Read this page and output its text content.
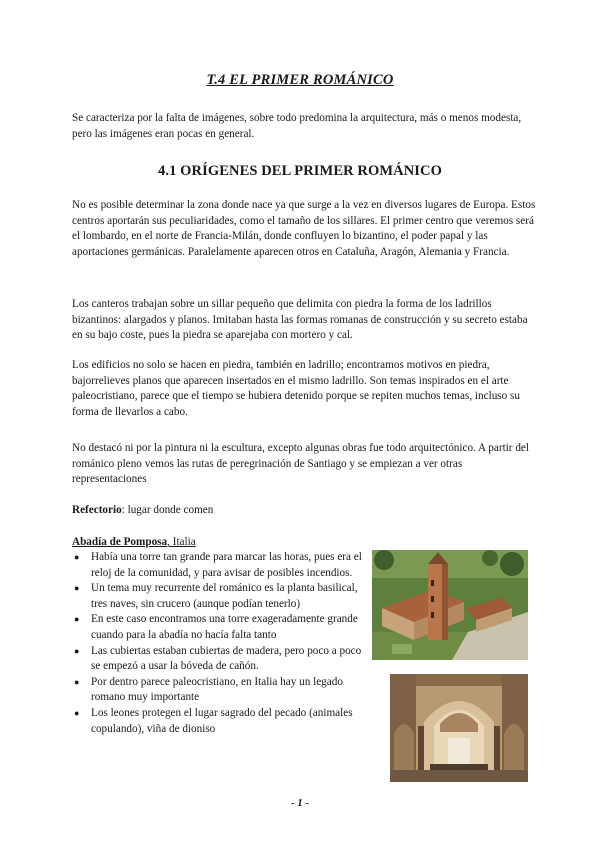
T.4 EL PRIMER ROMÁNICO

Se caracteriza por la falta de imágenes, sobre todo predomina la arquitectura, más o menos modesta, pero las imágenes eran pocas en general.

4.1 ORÍGENES DEL PRIMER ROMÁNICO

No es posible determinar la zona donde nace ya que surge a la vez en diversos lugares de Europa. Estos centros aportarán sus peculiaridades, como el tamaño de los sillares. El primer centro que veremos será el lombardo, en el norte de Francia-Milán, donde confluyen lo bizantino, el poder papal y las aportaciones germánicas. Paralelamente aparecen otros en Cataluña, Aragón, Alemania y Francia.

Los canteros trabajan sobre un sillar pequeño que delimita con piedra la forma de los ladrillos bizantinos: alargados y planos. Imitaban hasta las formas romanas de construcción y su secreto estaba en su bajo coste, pues la piedra se aparejaba con mortero y cal.

Los edificios no solo se hacen en piedra, también en ladrillo; encontramos motivos en piedra, bajorrelieves planos que aparecen insertados en el mismo ladrillo. Son temas inspirados en el arte paleocristiano, parece que el tiempo se hubiera detenido porque se repiten muchos temas, incluso su forma de llevarlos a cabo.

No destacó ni por la pintura ni la escultura, excepto algunas obras fue todo arquitectónico. A partir del románico pleno vemos las rutas de peregrinación de Santiago y se empiezan a ver otras representaciones

Refectorio: lugar donde comen

Abadía de Pomposa, Italia

● Había una torre tan grande para marcar las horas, pues era el reloj de la comunidad, y para avisar de posibles incendios.
● Un tema muy recurrente del románico es la planta basilical, tres naves, sin crucero (aunque podían tenerlo)
● En este caso encontramos una torre exageradamente grande cuando para la abadía no hacía falta tanto
● Las cubiertas estaban cubiertas de madera, pero poco a poco se empezó a usar la bóveda de cañón.
● Por dentro parece paleocristiano, en Italia hay un legado romano muy importante
● Los leones protegen el lugar sagrado del pecado (animales copulando), viña de dioniso
- 1 -
